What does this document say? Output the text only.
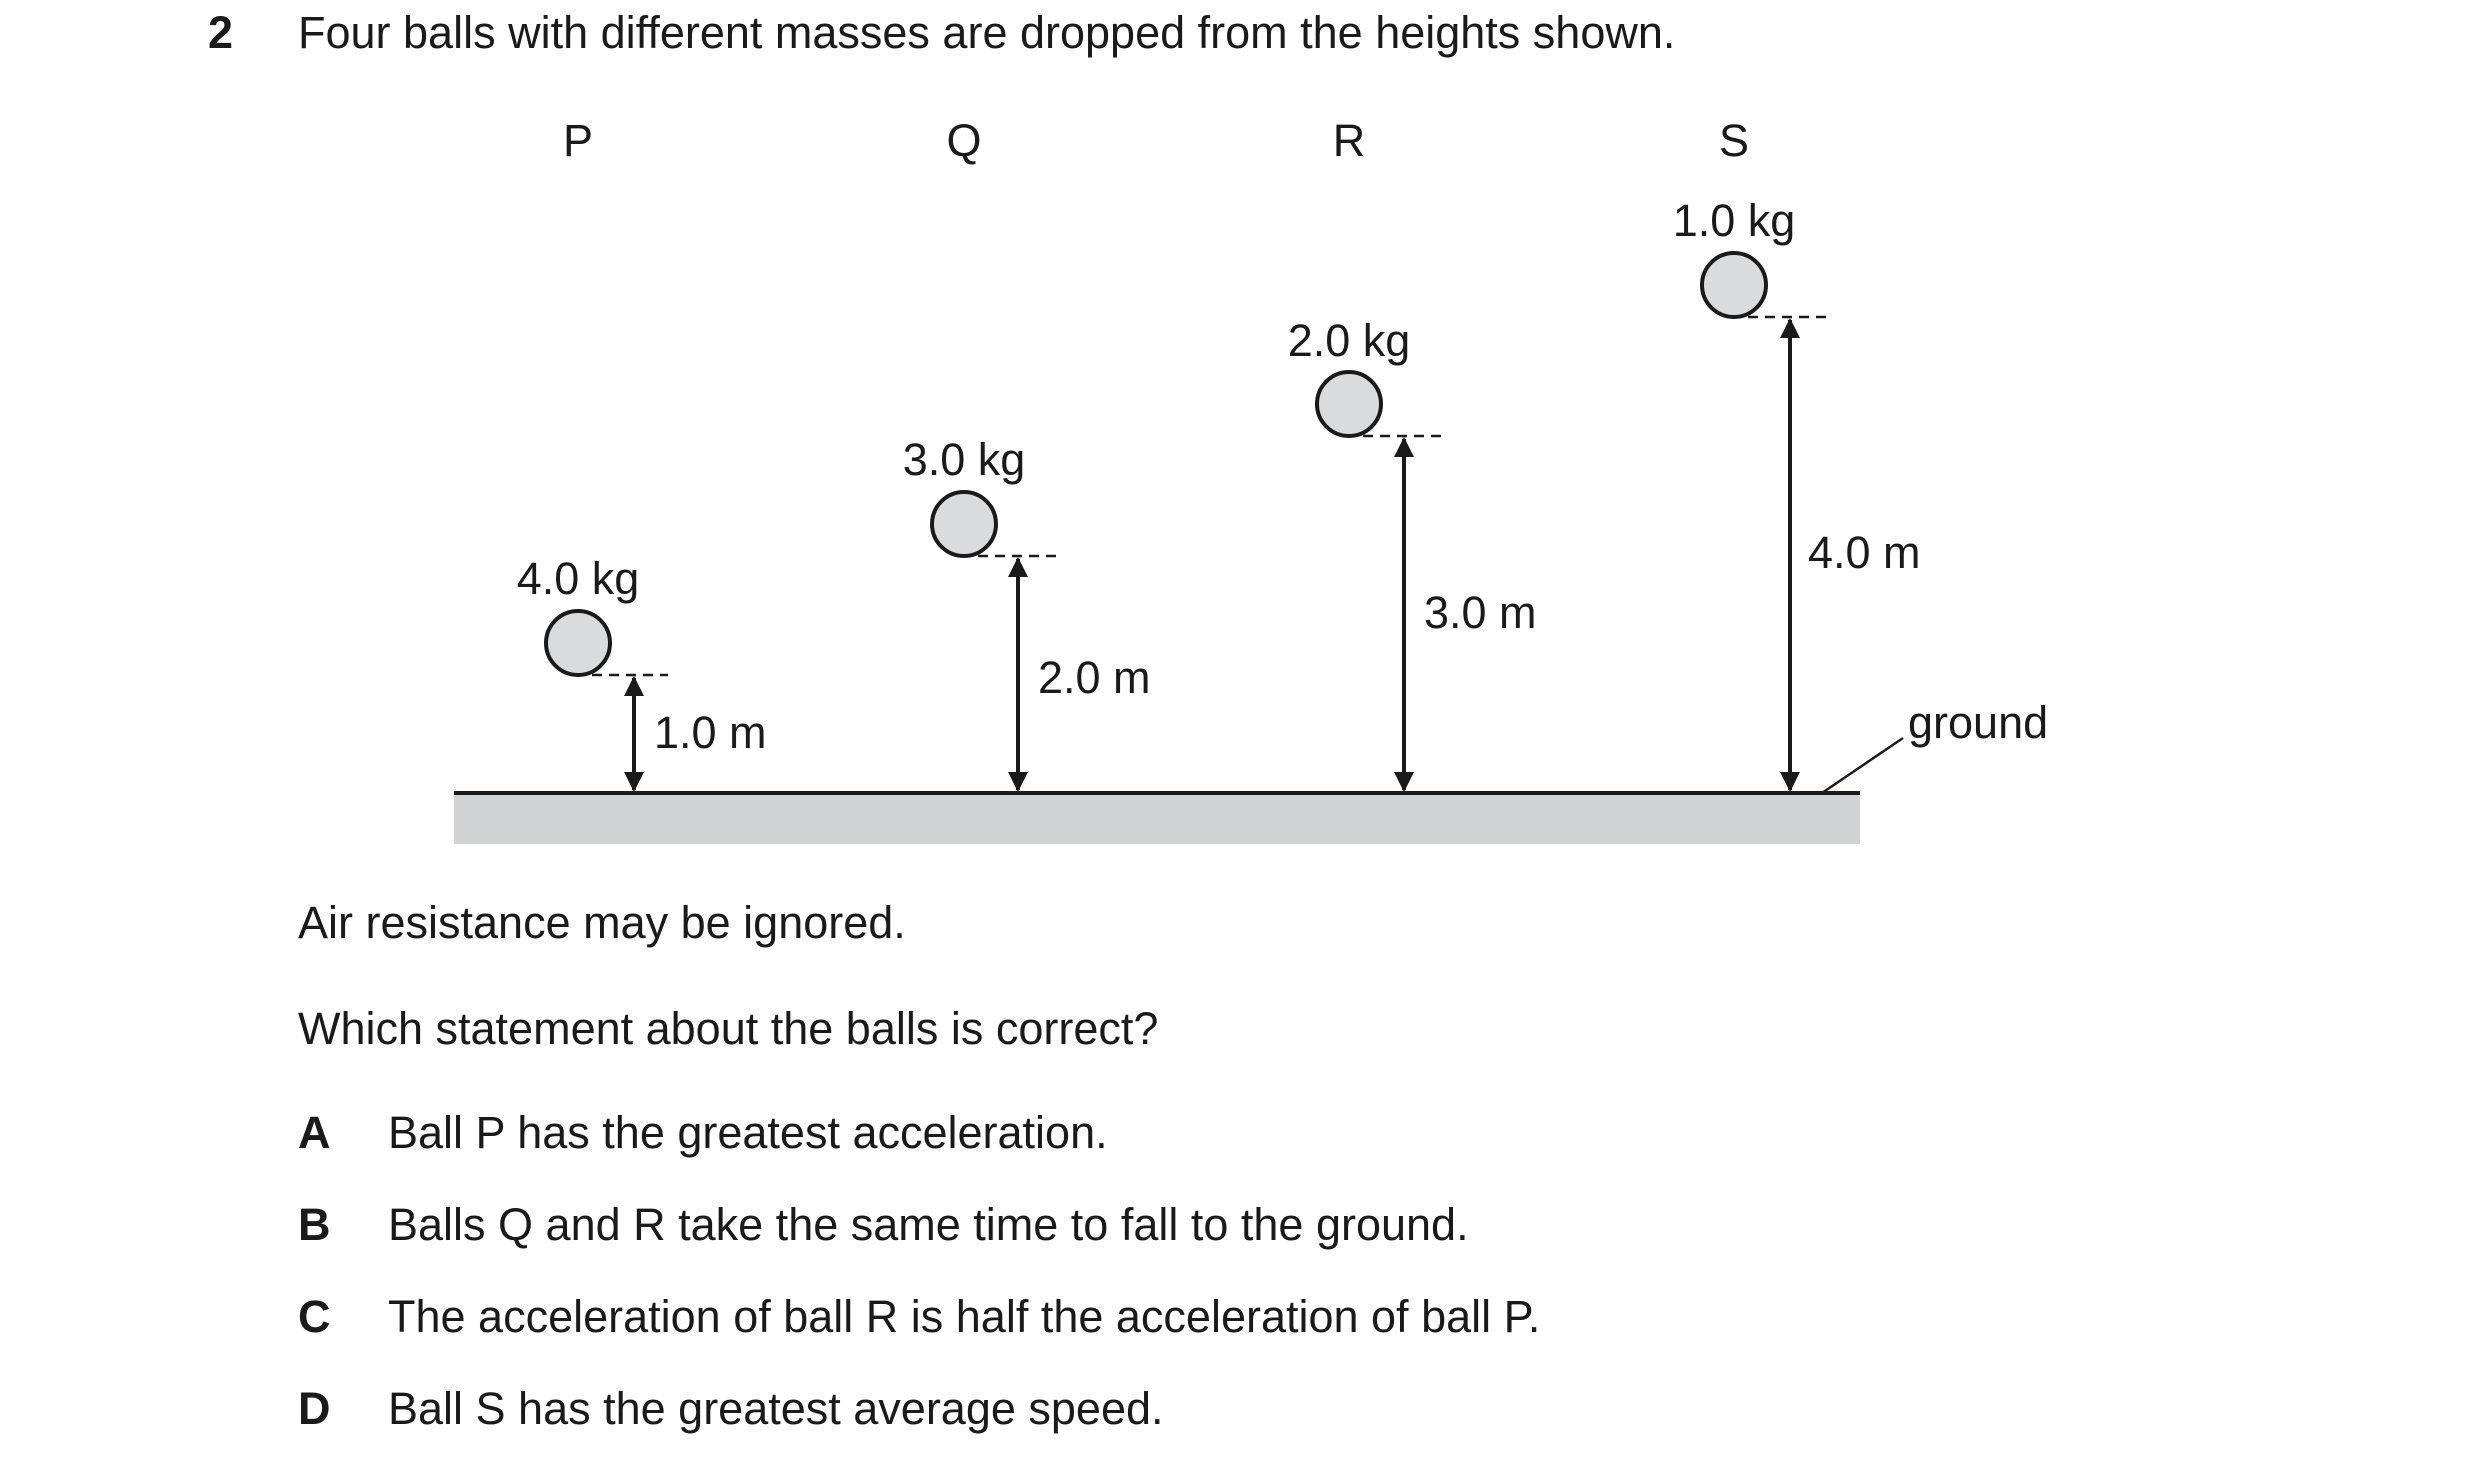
2 Four balls with different masses are dropped from the heights shown.
ground
P
4.0 kg
1.0 m
Q
3.0 kg
2.0 m
R
2.0 kg
3.0 m
S
1.0 kg
4.0 m
Air resistance may be ignored.
Which statement about the balls is correct?
A Ball P has the greatest acceleration.
B Balls Q and R take the same time to fall to the ground.
C The acceleration of ball R is half the acceleration of ball P.
D Ball S has the greatest average speed.
